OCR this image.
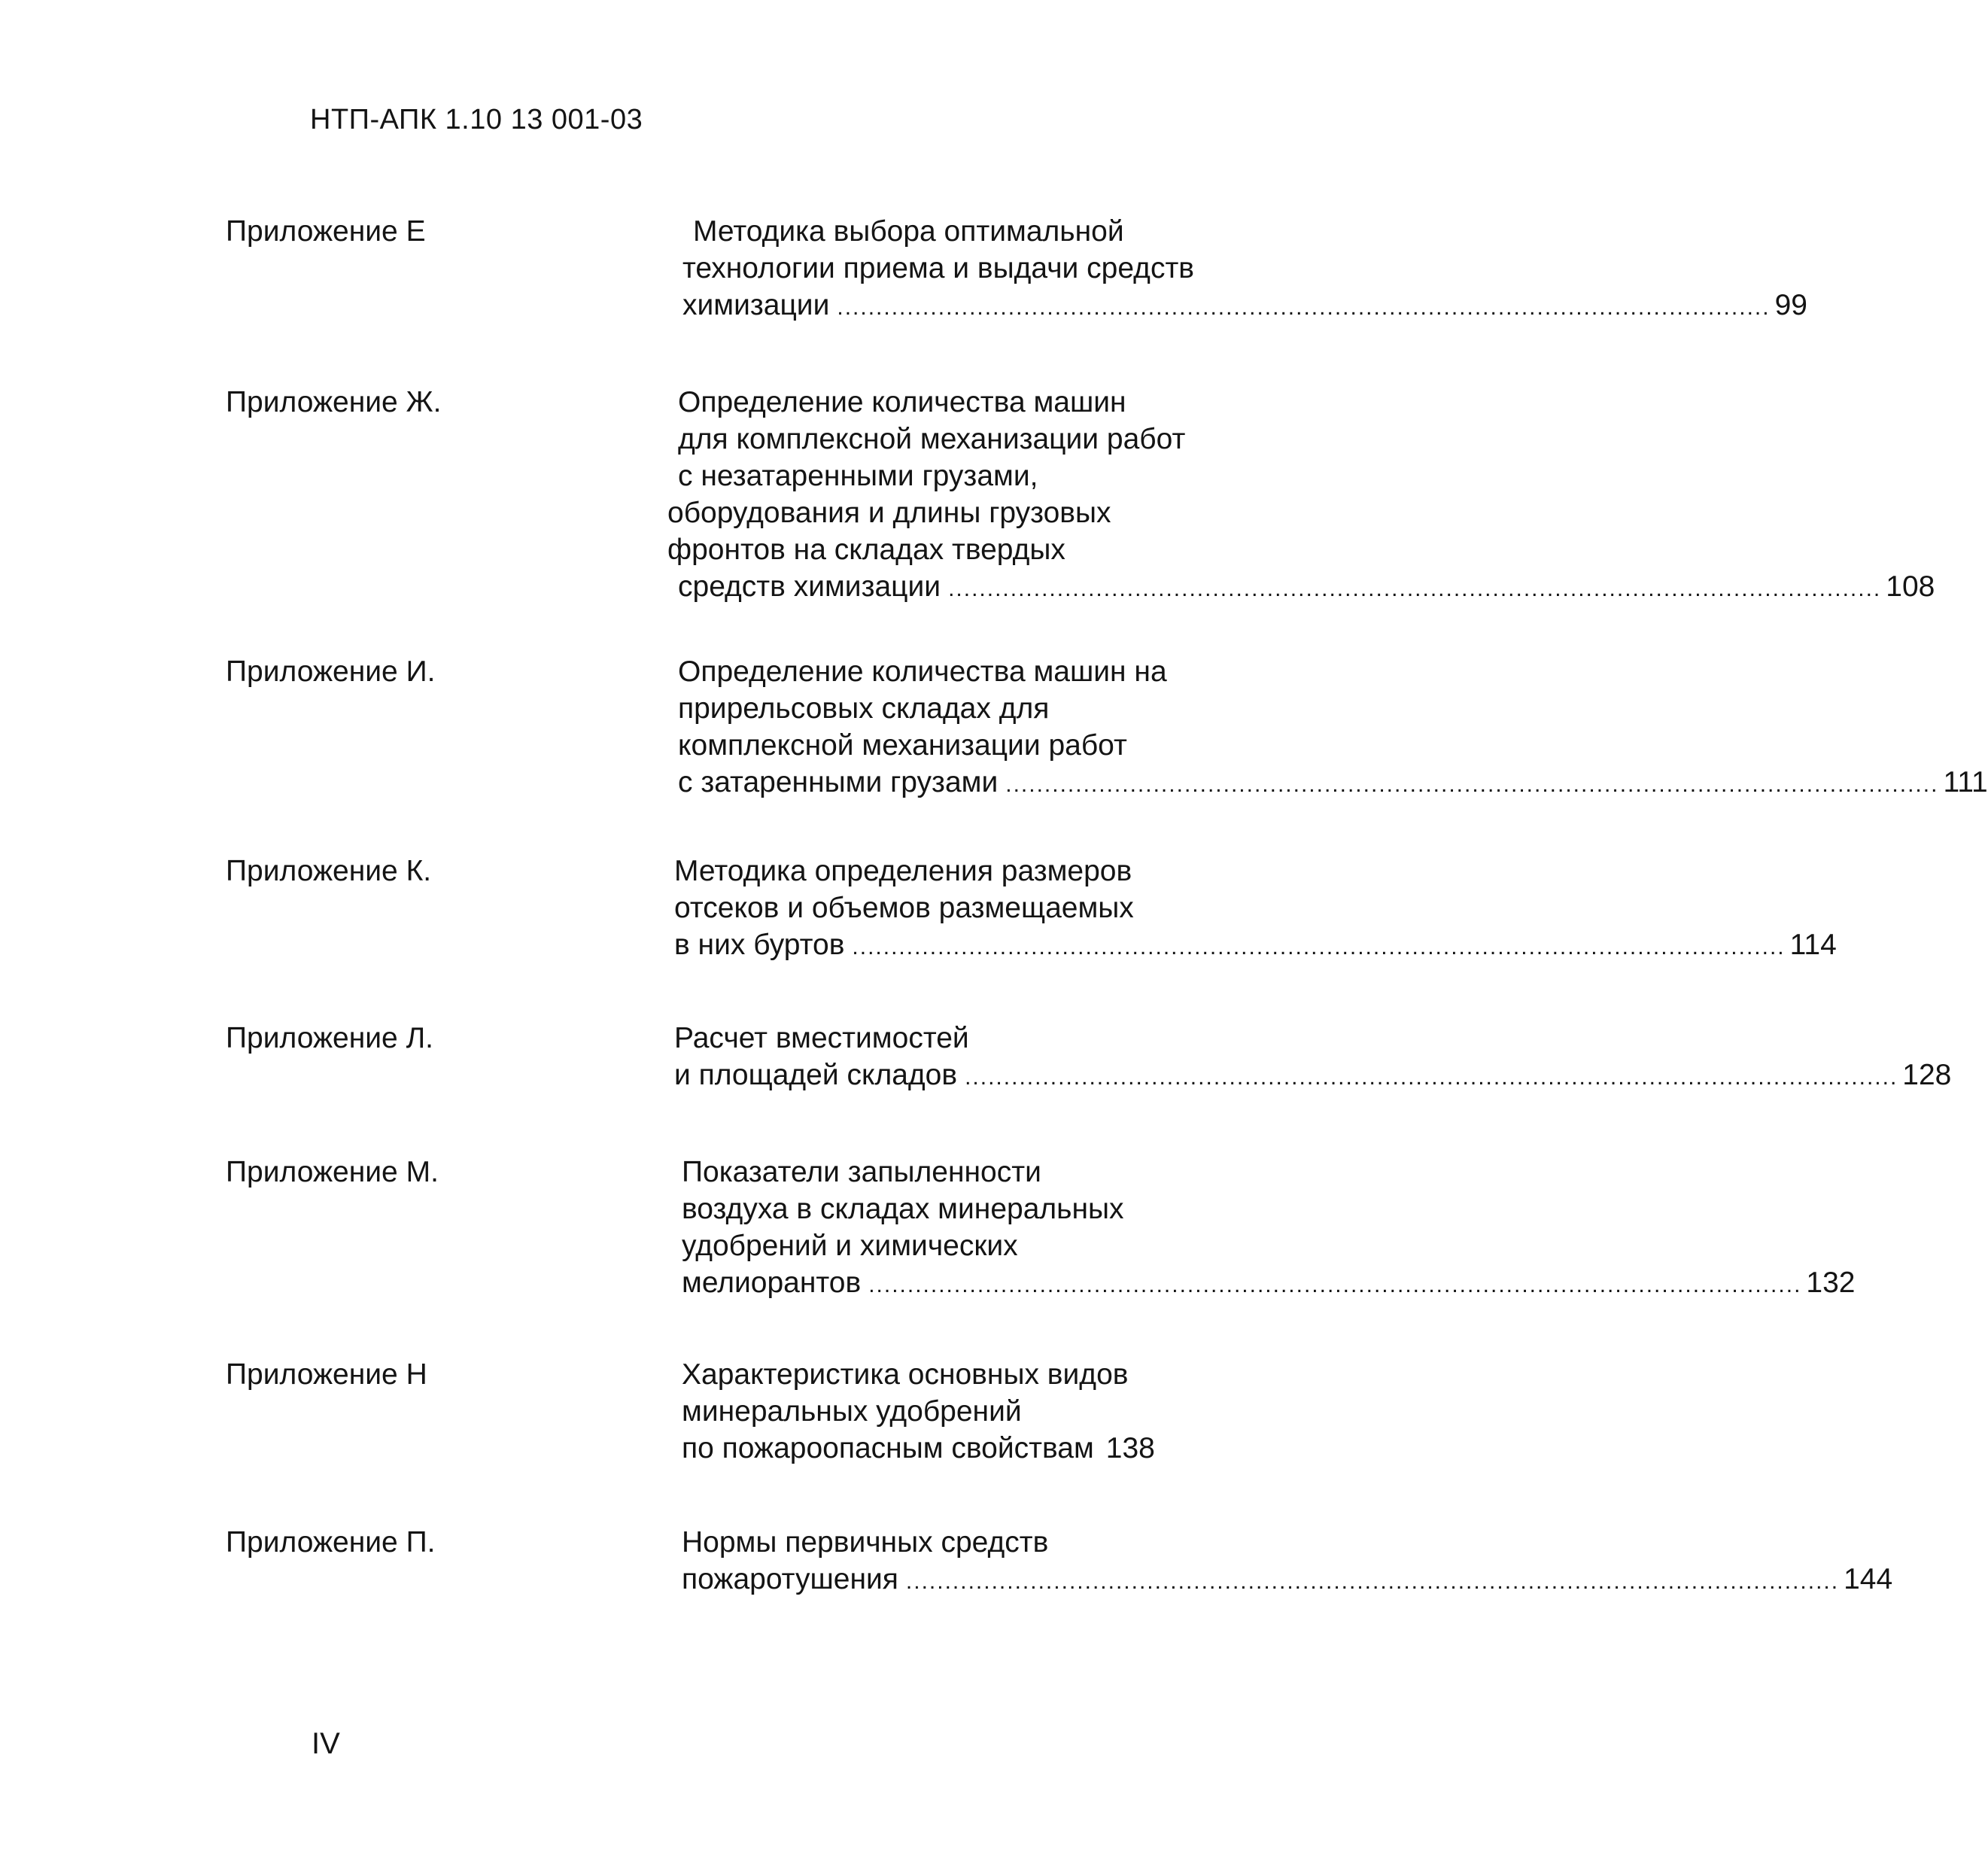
НТП-АПК 1.10 13 001-03
Приложение Е	Методика выбора оптимальной
технологии приема и выдачи средств
химизации ........................................................................................................................ 99
Приложение Ж.	Определение количества машин
для комплексной механизации работ
с незатаренными грузами,
оборудования и длины грузовых
фронтов на складах твердых
средств химизации ........................................................................................................................ 108
Приложение И.	Определение количества машин на
прирельсовых складах для
комплексной механизации работ
с затаренными грузами ........................................................................................................................ 111
Приложение К.	Методика определения размеров
отсеков и объемов размещаемых
в них буртов ........................................................................................................................ 114
Приложение Л.	Расчет вместимостей
и площадей складов ........................................................................................................................ 128
Приложение М.	Показатели запыленности
воздуха в складах минеральных
удобрений и химических
мелиорантов ........................................................................................................................ 132
Приложение Н	Характеристика основных видов
минеральных удобрений
по пожароопасным свойствам 138
Приложение П.	Нормы первичных средств
пожаротушения ........................................................................................................................ 144
IV
